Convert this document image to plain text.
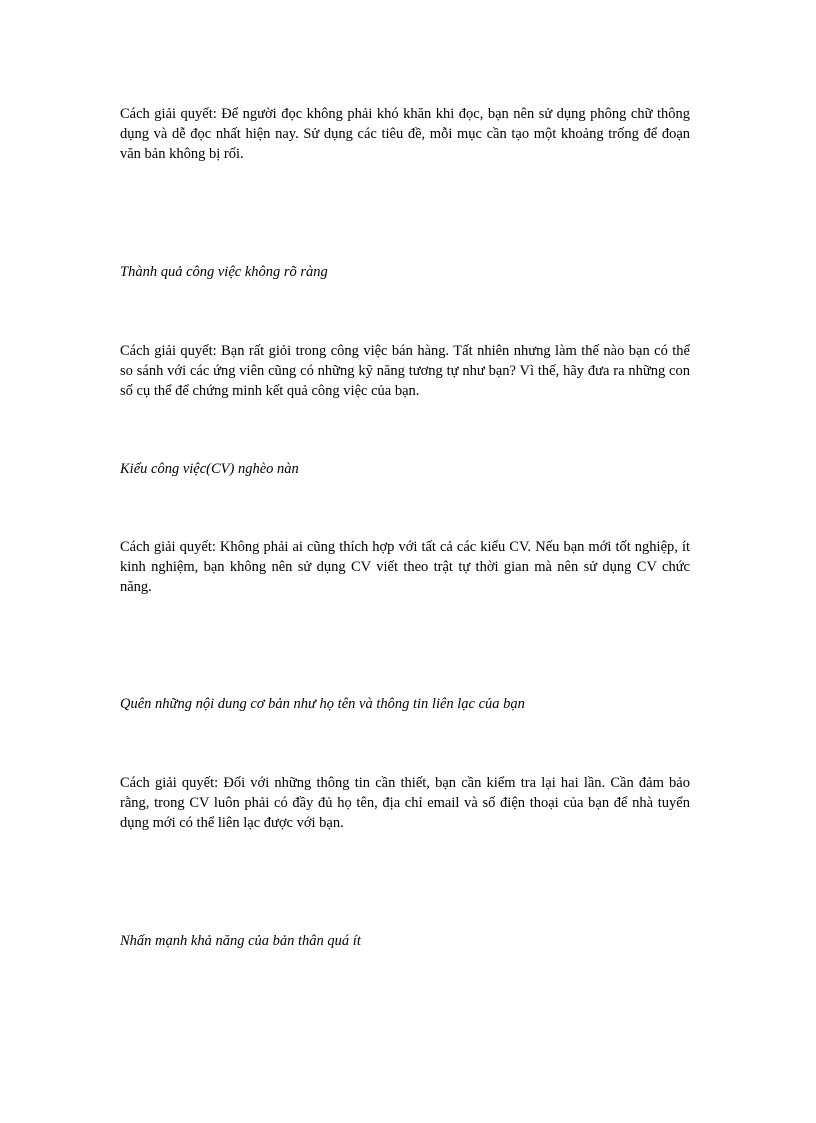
Cách giải quyết: Để người đọc không phải khó khăn khi đọc, bạn nên sử dụng phông chữ thông dụng và dễ đọc nhất hiện nay. Sử dụng các tiêu đề, mỗi mục cần tạo một khoảng trống để đoạn văn bản không bị rối.

Thành quả công việc không rõ ràng

Cách giải quyết: Bạn rất giỏi trong công việc bán hàng. Tất nhiên nhưng làm thế nào bạn có thể so sánh với các ứng viên cũng có những kỹ năng tương tự như bạn? Vì thế, hãy đưa ra những con số cụ thể để chứng minh kết quả công việc của bạn.

Kiểu công việc(CV) nghèo nàn

Cách giải quyết: Không phải ai cũng thích hợp với tất cả các kiểu CV. Nếu bạn mới tốt nghiệp, ít kinh nghiệm, bạn không nên sử dụng CV viết theo trật tự thời gian mà nên sử dụng CV chức năng.

Quên những nội dung cơ bản như họ tên và thông tin liên lạc của bạn

Cách giải quyết: Đối với những thông tin cần thiết, bạn cần kiểm tra lại hai lần. Cần đảm bảo rằng, trong CV luôn phải có đầy đủ họ tên, địa chỉ email và số điện thoại của bạn để nhà tuyển dụng mới có thể liên lạc được với bạn.

Nhấn mạnh khả năng của bản thân quá ít
